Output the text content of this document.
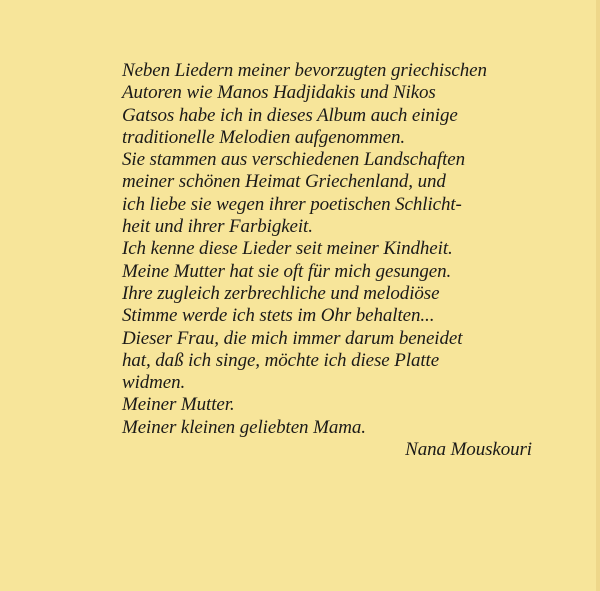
Neben Liedern meiner bevorzugten griechischen
Autoren wie Manos Hadjidakis und Nikos
Gatsos habe ich in dieses Album auch einige
traditionelle Melodien aufgenommen.
Sie stammen aus verschiedenen Landschaften
meiner schönen Heimat Griechenland, und
ich liebe sie wegen ihrer poetischen Schlicht-
heit und ihrer Farbigkeit.
Ich kenne diese Lieder seit meiner Kindheit.
Meine Mutter hat sie oft für mich gesungen.
Ihre zugleich zerbrechliche und melodiöse
Stimme werde ich stets im Ohr behalten...
Dieser Frau, die mich immer darum beneidet
hat, daß ich singe, möchte ich diese Platte
widmen.
Meiner Mutter.
Meiner kleinen geliebten Mama.
Nana Mouskouri
